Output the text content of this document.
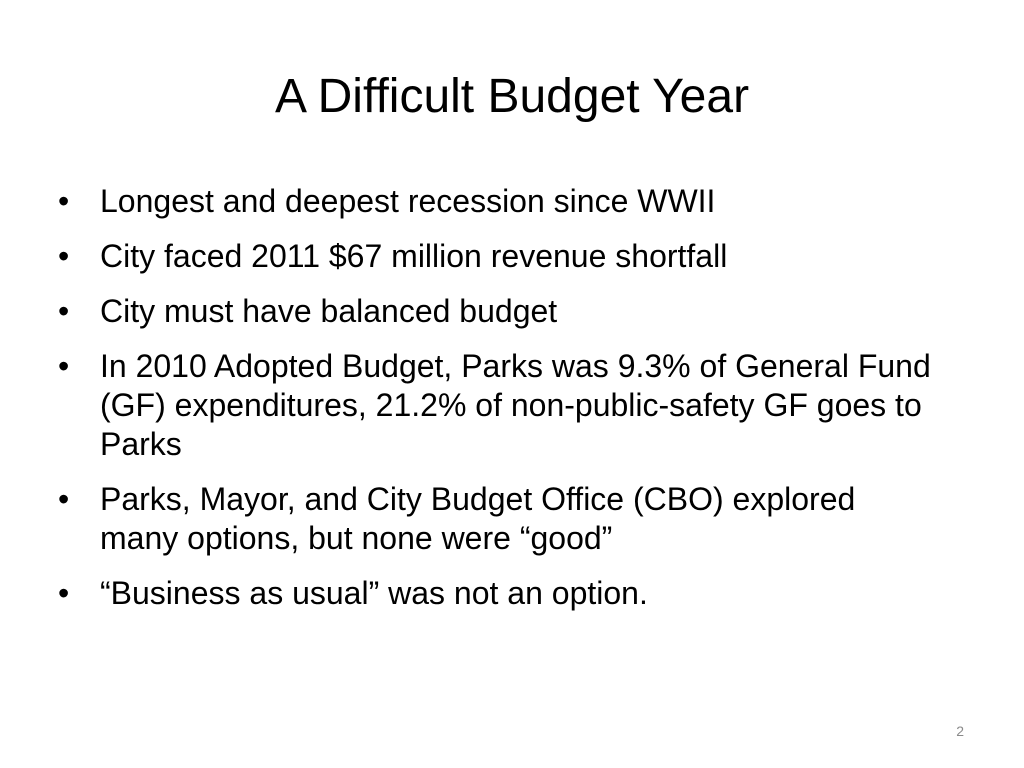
A Difficult Budget Year
• Longest and deepest recession since WWII
• City faced 2011 $67 million revenue shortfall
• City must have balanced budget
• In 2010 Adopted Budget, Parks was 9.3% of General Fund (GF) expenditures, 21.2% of non-public-safety GF goes to Parks
• Parks, Mayor, and City Budget Office (CBO) explored many options, but none were “good”
• “Business as usual” was not an option.
2
